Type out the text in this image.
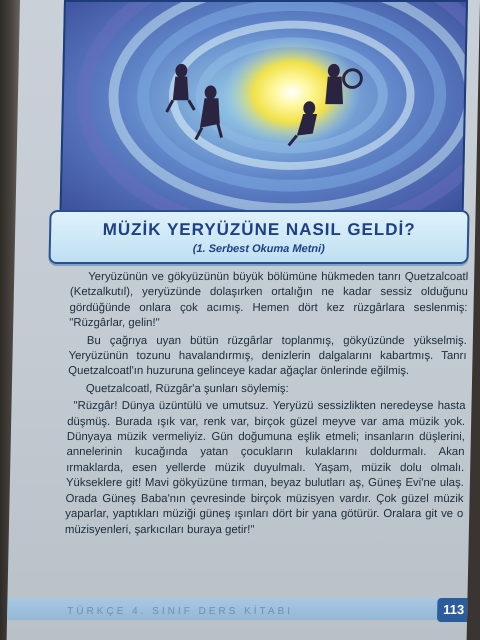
MÜZİK YERYÜZÜNE NASIL GELDİ?
(1. Serbest Okuma Metni)

Yeryüzünün ve gökyüzünün büyük bölümüne hükmeden tanrı Quetzalcoatl (Ketzalkutıl), yeryüzünde dolaşırken ortalığın ne kadar sessiz olduğunu gördüğünde onlara çok acımış. Hemen dört kez rüzgârlara seslenmiş: "Rüzgârlar, gelin!"

Bu çağrıya uyan bütün rüzgârlar toplanmış, gökyüzünde yükselmiş. Yeryüzünün tozunu havalandırmış, denizlerin dalgalarını kabartmış. Tanrı Quetzalcoatl'ın huzuruna gelinceye kadar ağaçlar önlerinde eğilmiş.

Quetzalcoatl, Rüzgâr'a şunları söylemiş:

"Rüzgâr! Dünya üzüntülü ve umutsuz. Yeryüzü sessizlikten neredeyse hasta düşmüş. Burada ışık var, renk var, birçok güzel meyve var ama müzik yok. Dünyaya müzik vermeliyiz. Gün doğumuna eşlik etmeli; insanların düşlerini, annelerinin kucağında yatan çocukların kulaklarını doldurmalı. Akan ırmaklarda, esen yellerde müzik duyulmalı. Yaşam, müzik dolu olmalı. Yükseklere git! Mavi gökyüzüne tırman, beyaz bulutları aş, Güneş Evi'ne ulaş. Orada Güneş Baba'nın çevresinde birçok müzisyen vardır. Çok güzel müzik yaparlar, yaptıkları müziği güneş ışınları dört bir yana götürür. Oralara git ve o müzisyenleri, şarkıcıları buraya getir!"

TÜRKÇE 4. SINIF DERS KİTABI	113
